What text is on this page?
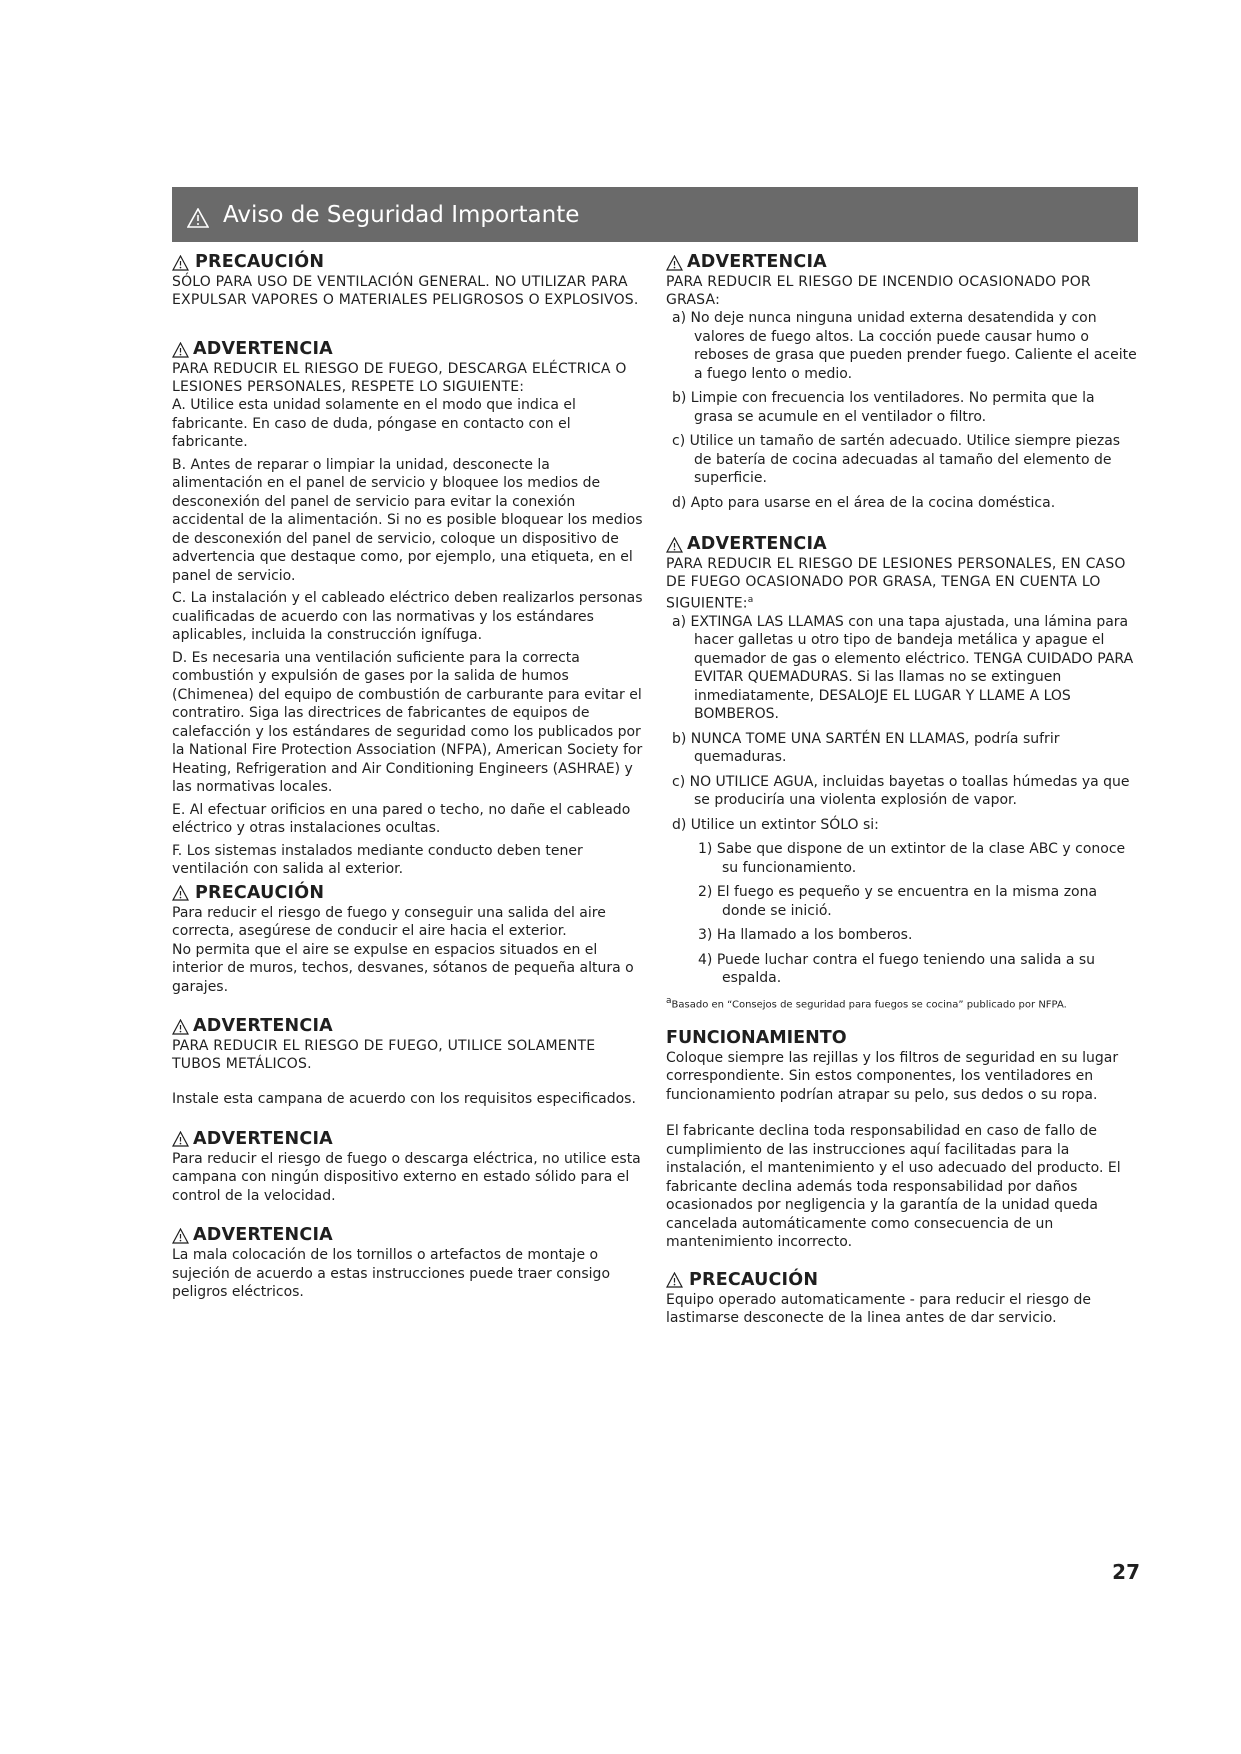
Aviso de Seguridad Importante
PRECAUCIÓN

SÓLO PARA USO DE VENTILACIÓN GENERAL. NO UTILIZAR PARA EXPULSAR VAPORES O MATERIALES PELIGROSOS O EXPLOSIVOS.

ADVERTENCIA

PARA REDUCIR EL RIESGO DE FUEGO, DESCARGA ELÉCTRICA O LESIONES PERSONALES, RESPETE LO SIGUIENTE:

A. Utilice esta unidad solamente en el modo que indica el fabricante. En caso de duda, póngase en contacto con el fabricante.

B. Antes de reparar o limpiar la unidad, desconecte la alimentación en el panel de servicio y bloquee los medios de desconexión del panel de servicio para evitar la conexión accidental de la alimentación. Si no es posible bloquear los medios de desconexión del panel de servicio, coloque un dispositivo de advertencia que destaque como, por ejemplo, una etiqueta, en el panel de servicio.

C. La instalación y el cableado eléctrico deben realizarlos personas cualificadas de acuerdo con las normativas y los estándares aplicables, incluida la construcción ignífuga.

D. Es necesaria una ventilación suficiente para la correcta combustión y expulsión de gases por la salida de humos (Chimenea) del equipo de combustión de carburante para evitar el contratiro. Siga las directrices de fabricantes de equipos de calefacción y los estándares de seguridad como los publicados por la National Fire Protection Association (NFPA), American Society for Heating, Refrigeration and Air Conditioning Engineers (ASHRAE) y las normativas locales.

E. Al efectuar orificios en una pared o techo, no dañe el cableado eléctrico y otras instalaciones ocultas.

F. Los sistemas instalados mediante conducto deben tener ventilación con salida al exterior.

PRECAUCIÓN

Para reducir el riesgo de fuego y conseguir una salida del aire correcta, asegúrese de conducir el aire hacia el exterior.

No permita que el aire se expulse en espacios situados en el interior de muros, techos, desvanes, sótanos de pequeña altura o garajes.

ADVERTENCIA

PARA REDUCIR EL RIESGO DE FUEGO, UTILICE SOLAMENTE TUBOS METÁLICOS.

Instale esta campana de acuerdo con los requisitos especificados.

ADVERTENCIA

Para reducir el riesgo de fuego o descarga eléctrica, no utilice esta campana con ningún dispositivo externo en estado sólido para el control de la velocidad.

ADVERTENCIA

La mala colocación de los tornillos o artefactos de montaje o sujeción de acuerdo a estas instrucciones puede traer consigo peligros eléctricos.

ADVERTENCIA

PARA REDUCIR EL RIESGO DE INCENDIO OCASIONADO POR GRASA:

a) No deje nunca ninguna unidad externa desatendida y con valores de fuego altos. La cocción puede causar humo o reboses de grasa que pueden prender fuego. Caliente el aceite a fuego lento o medio.

b) Limpie con frecuencia los ventiladores. No permita que la grasa se acumule en el ventilador o filtro.

c) Utilice un tamaño de sartén adecuado. Utilice siempre piezas de batería de cocina adecuadas al tamaño del elemento de superficie.

d) Apto para usarse en el área de la cocina doméstica.

ADVERTENCIA

PARA REDUCIR EL RIESGO DE LESIONES PERSONALES, EN CASO DE FUEGO OCASIONADO POR GRASA, TENGA EN CUENTA LO SIGUIENTE:$^a$

a) EXTINGA LAS LLAMAS con una tapa ajustada, una lámina para hacer galletas u otro tipo de bandeja metálica y apague el quemador de gas o elemento eléctrico. TENGA CUIDADO PARA EVITAR QUEMADURAS. Si las llamas no se extinguen inmediatamente, DESALOJE EL LUGAR Y LLAME A LOS BOMBEROS.

b) NUNCA TOME UNA SARTÉN EN LLAMAS, podría sufrir quemaduras.

c) NO UTILICE AGUA, incluidas bayetas o toallas húmedas ya que se produciría una violenta explosión de vapor.

d) Utilice un extintor SÓLO si:

1) Sabe que dispone de un extintor de la clase ABC y conoce su funcionamiento.

2) El fuego es pequeño y se encuentra en la misma zona donde se inició.

3) Ha llamado a los bomberos.

4) Puede luchar contra el fuego teniendo una salida a su espalda.

$^a$Basado en “Consejos de seguridad para fuegos se cocina” publicado por NFPA.

FUNCIONAMIENTO

Coloque siempre las rejillas y los filtros de seguridad en su lugar correspondiente. Sin estos componentes, los ventiladores en funcionamiento podrían atrapar su pelo, sus dedos o su ropa.

El fabricante declina toda responsabilidad en caso de fallo de cumplimiento de las instrucciones aquí facilitadas para la instalación, el mantenimiento y el uso adecuado del producto. El fabricante declina además toda responsabilidad por daños ocasionados por negligencia y la garantía de la unidad queda cancelada automáticamente como consecuencia de un mantenimiento incorrecto.

PRECAUCIÓN

Equipo operado automaticamente - para reducir el riesgo de lastimarse desconecte de la linea antes de dar servicio.

27
